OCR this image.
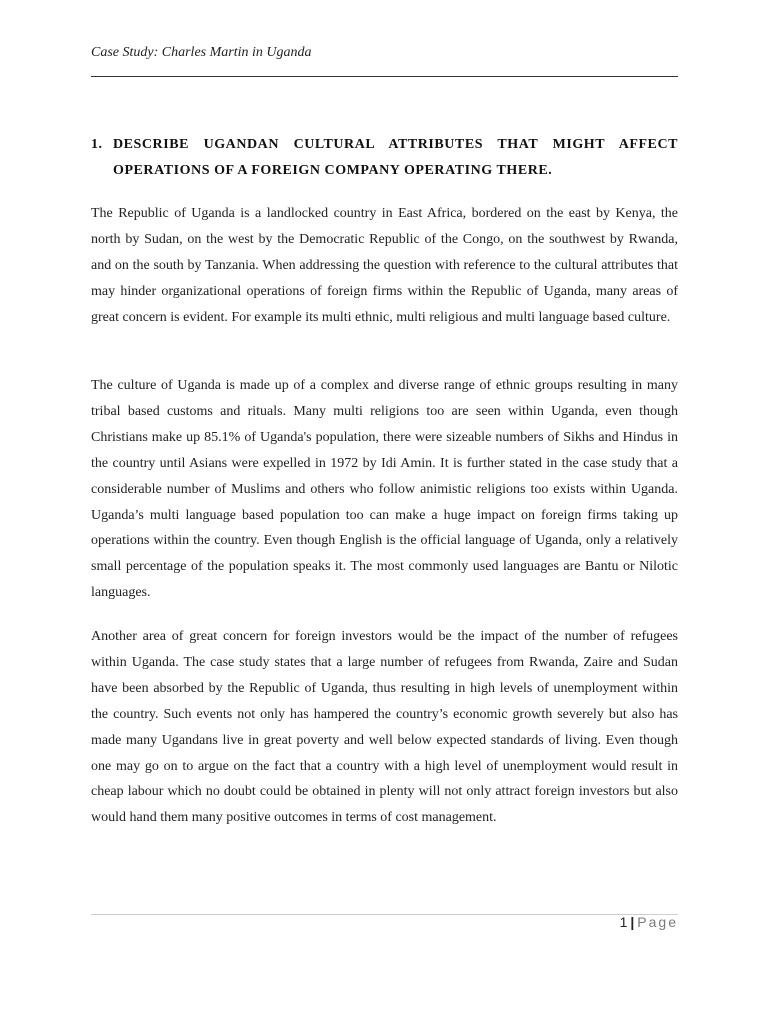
Case Study: Charles Martin in Uganda
1. DESCRIBE UGANDAN CULTURAL ATTRIBUTES THAT MIGHT AFFECT OPERATIONS OF A FOREIGN COMPANY OPERATING THERE.

The Republic of Uganda is a landlocked country in East Africa, bordered on the east by Kenya, the north by Sudan, on the west by the Democratic Republic of the Congo, on the southwest by Rwanda, and on the south by Tanzania. When addressing the question with reference to the cultural attributes that may hinder organizational operations of foreign firms within the Republic of Uganda, many areas of great concern is evident. For example its multi ethnic, multi religious and multi language based culture.

The culture of Uganda is made up of a complex and diverse range of ethnic groups resulting in many tribal based customs and rituals. Many multi religions too are seen within Uganda, even though Christians make up 85.1% of Uganda's population, there were sizeable numbers of Sikhs and Hindus in the country until Asians were expelled in 1972 by Idi Amin. It is further stated in the case study that a considerable number of Muslims and others who follow animistic religions too exists within Uganda. Uganda’s multi language based population too can make a huge impact on foreign firms taking up operations within the country. Even though English is the official language of Uganda, only a relatively small percentage of the population speaks it. The most commonly used languages are Bantu or Nilotic languages.

Another area of great concern for foreign investors would be the impact of the number of refugees within Uganda. The case study states that a large number of refugees from Rwanda, Zaire and Sudan have been absorbed by the Republic of Uganda, thus resulting in high levels of unemployment within the country. Such events not only has hampered the country’s economic growth severely but also has made many Ugandans live in great poverty and well below expected standards of living. Even though one may go on to argue on the fact that a country with a high level of unemployment would result in cheap labour which no doubt could be obtained in plenty will not only attract foreign investors but also would hand them many positive outcomes in terms of cost management.

1 | Page
